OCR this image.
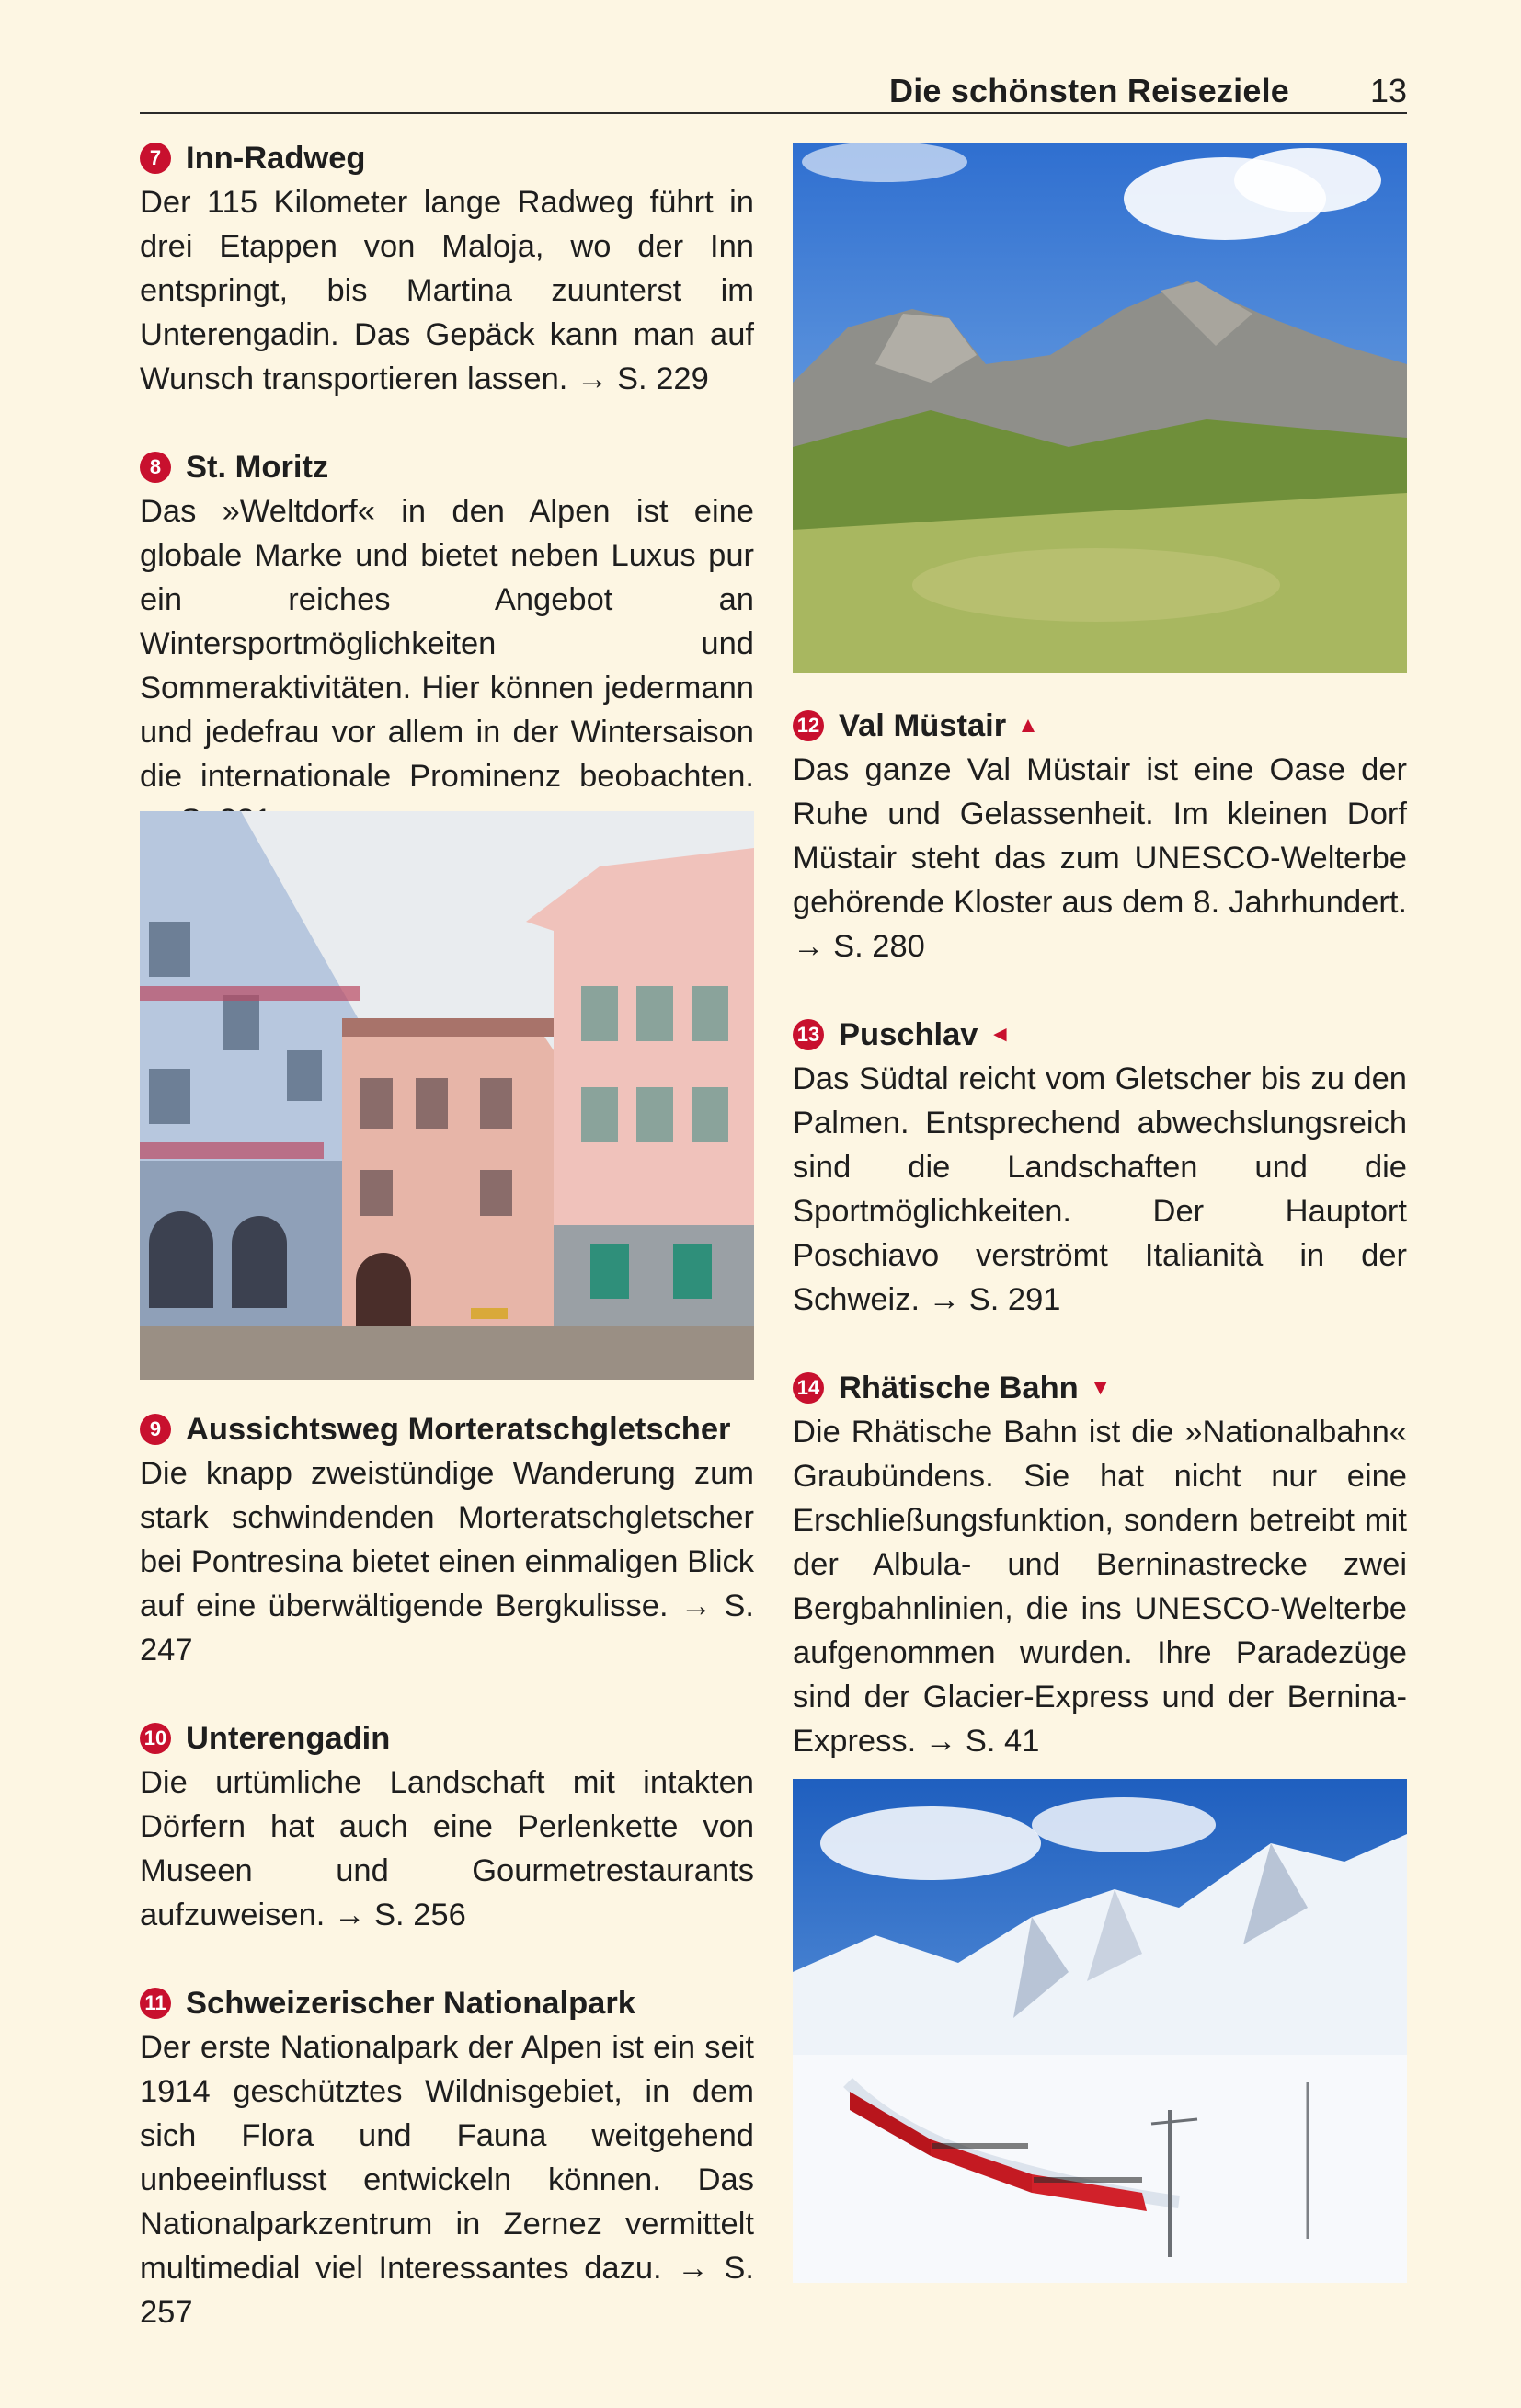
Die schönsten Reiseziele 13
7 Inn-Radweg
Der 115 Kilometer lange Radweg führt in drei Etappen von Maloja, wo der Inn entspringt, bis Martina zuunterst im Unterengadin. Das Gepäck kann man auf Wunsch transportieren lassen. → S. 229
8 St. Moritz
Das »Weltdorf« in den Alpen ist eine globale Marke und bietet neben Luxus pur ein reiches Angebot an Wintersportmöglichkeiten und Sommeraktivitäten. Hier können jedermann und jedefrau vor allem in der Wintersaison die internationale Prominenz beobachten.
9 Aussichtsweg Morteratschgletscher
Die knapp zweistündige Wanderung zum stark schwindenden Morteratschgletscher bei Pontresina bietet einen einmaligen Blick auf eine überwältigende Bergkulisse. → S. 247
10 Unterengadin
Die urtümliche Landschaft mit intakten Dörfern hat auch eine Perlenkette von Museen und Gourmetrestaurants aufzuweisen. → S. 256
11 Schweizerischer Nationalpark
Der erste Nationalpark der Alpen ist ein seit 1914 geschütztes Wildnisgebiet, in dem sich Flora und Fauna weitgehend unbeeinflusst entwickeln können. Das Nationalparkzentrum in Zernez vermittelt multimedial viel Interessantes dazu. → S. 257
12 Val Müstair ▲
Das ganze Val Müstair ist eine Oase der Ruhe und Gelassenheit. Im kleinen Dorf Müstair steht das zum UNESCO-Welterbe gehörende Kloster aus dem 8. Jahrhundert. → S. 280
13 Puschlav ◄
Das Südtal reicht vom Gletscher bis zu den Palmen. Entsprechend abwechslungsreich sind die Landschaften und die Sportmöglichkeiten. Der Hauptort Poschiavo verströmt Italianità in der Schweiz. → S. 291
14 Rhätische Bahn ▼
Die Rhätische Bahn ist die »Nationalbahn« Graubündens. Sie hat nicht nur eine Erschließungsfunktion, sondern betreibt mit der Albula- und Berninastrecke zwei Bergbahnlinien, die ins UNESCO-Welterbe aufgenommen wurden. Ihre Paradezüge sind der Glacier-Express und der Bernina-Express. → S. 41
